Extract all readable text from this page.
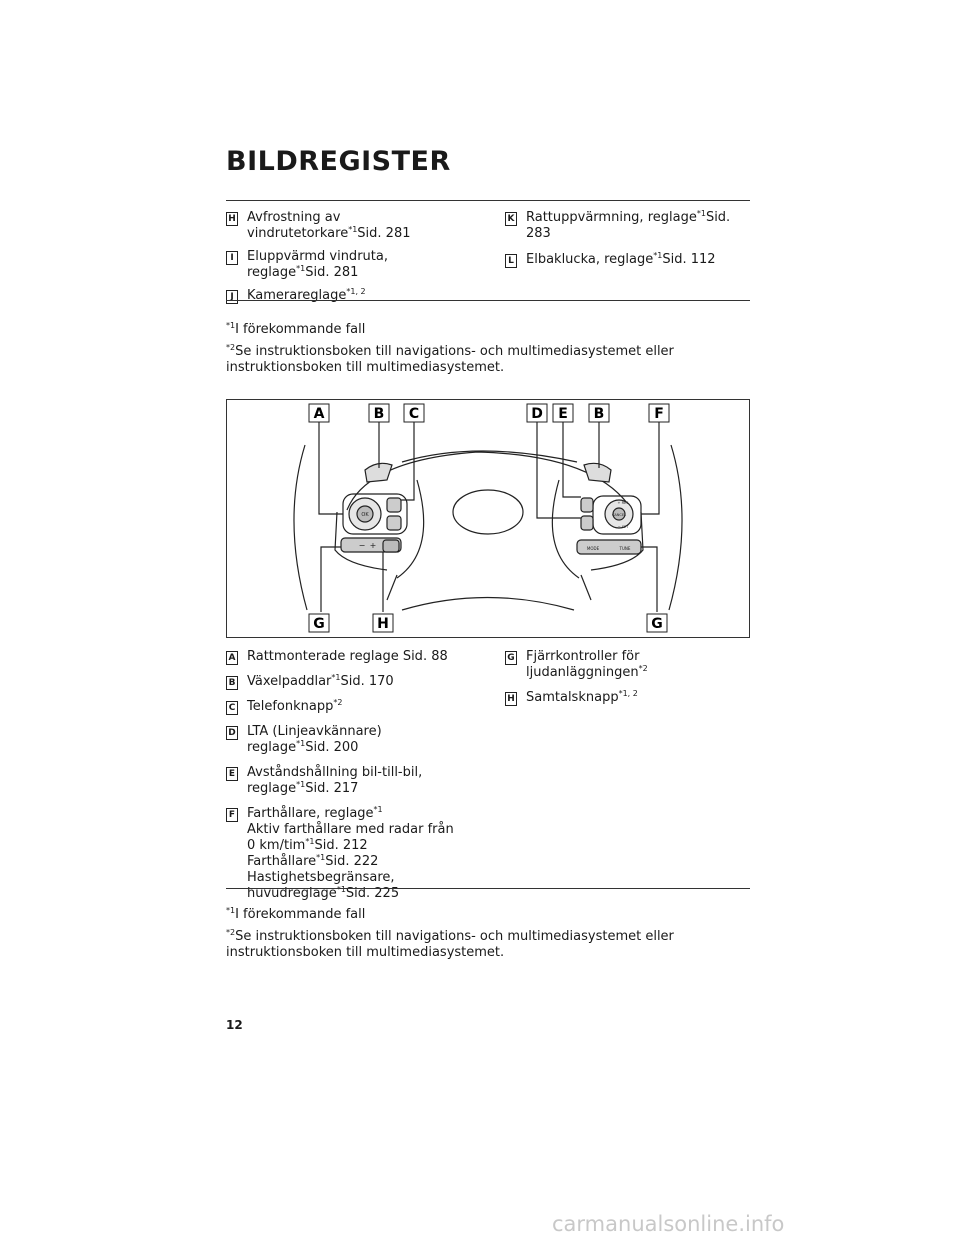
BILDREGISTER
H Avfrostning av
vindrutetorkare$^{*1}$Sid. 281
I	Eluppvärmd vindruta,
reglage$^{*1}$Sid. 281
J	Kamerareglage$^{*1, 2}$
K Rattuppvärmning, reglage$^{*1}$Sid. 283
L Elbaklucka, reglage$^{*1}$Sid. 112

$^{*1}$I förekommande fall

$^{*2}$Se instruktionsboken till navigations- och multimediasystemet eller instruktionsboken till multimediasystemet.

A	B C	D E B	F
G	H	G
OK
− +
CANCEL
+ RES
− SET
MODE	TUNE
A Rattmonterade reglage Sid. 88
B Växelpaddlar$^{*1}$Sid. 170
C Telefonknapp$^{*2}$
D LTA (Linjeavkännare)
reglage$^{*1}$Sid. 200
E Avståndshållning bil-till-bil,
reglage$^{*1}$Sid. 217
F Farthållare, reglage$^{*1}$
Aktiv farthållare med radar från
0 km/tim$^{*1}$Sid. 212
Farthållare$^{*1}$Sid. 222
Hastighetsbegränsare,
huvudreglage$^{*1}$Sid. 225
G Fjärrkontroller för
ljudanläggningen$^{*2}$
H Samtalsknapp$^{*1, 2}$

$^{*1}$I förekommande fall

$^{*2}$Se instruktionsboken till navigations- och multimediasystemet eller instruktionsboken till multimediasystemet.

12
carmanualsonline.info
